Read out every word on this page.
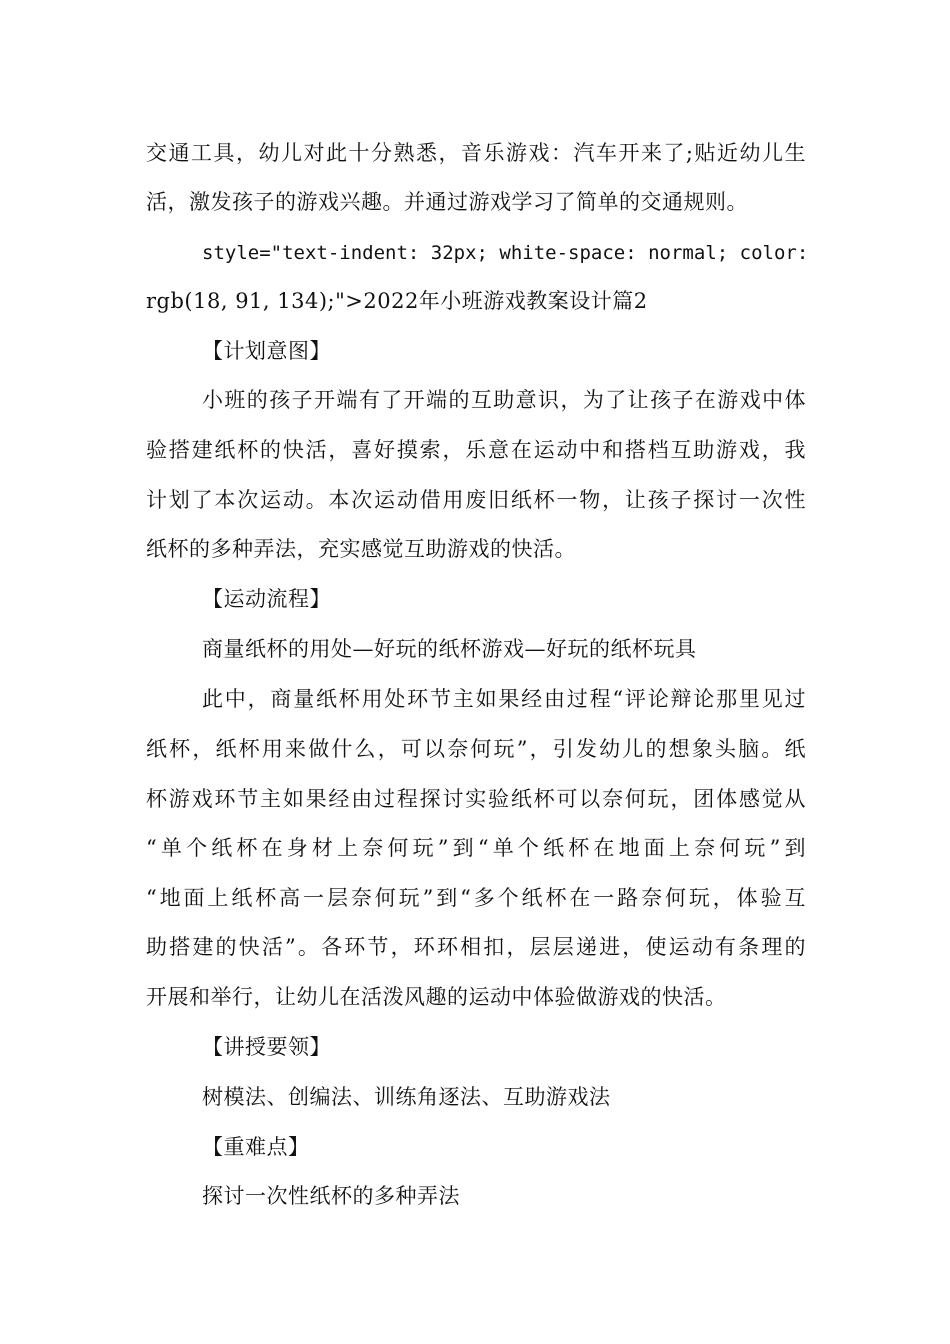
交通工具，幼儿对此十分熟悉，音乐游戏：汽车开来了;贴近幼儿生
活，激发孩子的游戏兴趣。并通过游戏学习了简单的交通规则。
style="text-indent: 32px; white-space: normal; color:
rgb(18, 91, 134);">2022年小班游戏教案设计篇2
【计划意图】
小班的孩子开端有了开端的互助意识，为了让孩子在游戏中体
验搭建纸杯的快活，喜好摸索，乐意在运动中和搭档互助游戏，我
计划了本次运动。本次运动借用废旧纸杯一物，让孩子探讨一次性
纸杯的多种弄法，充实感觉互助游戏的快活。
【运动流程】
商量纸杯的用处—好玩的纸杯游戏—好玩的纸杯玩具
此中，商量纸杯用处环节主如果经由过程“评论辩论那里见过
纸杯，纸杯用来做什么，可以奈何玩”，引发幼儿的想象头脑。纸
杯游戏环节主如果经由过程探讨实验纸杯可以奈何玩，团体感觉从
“单个纸杯在身材上奈何玩”到“单个纸杯在地面上奈何玩”到
“地面上纸杯高一层奈何玩”到“多个纸杯在一路奈何玩，体验互
助搭建的快活”。各环节，环环相扣，层层递进，使运动有条理的
开展和举行，让幼儿在活泼风趣的运动中体验做游戏的快活。
【讲授要领】
树模法、创编法、训练角逐法、互助游戏法
【重难点】
探讨一次性纸杯的多种弄法
